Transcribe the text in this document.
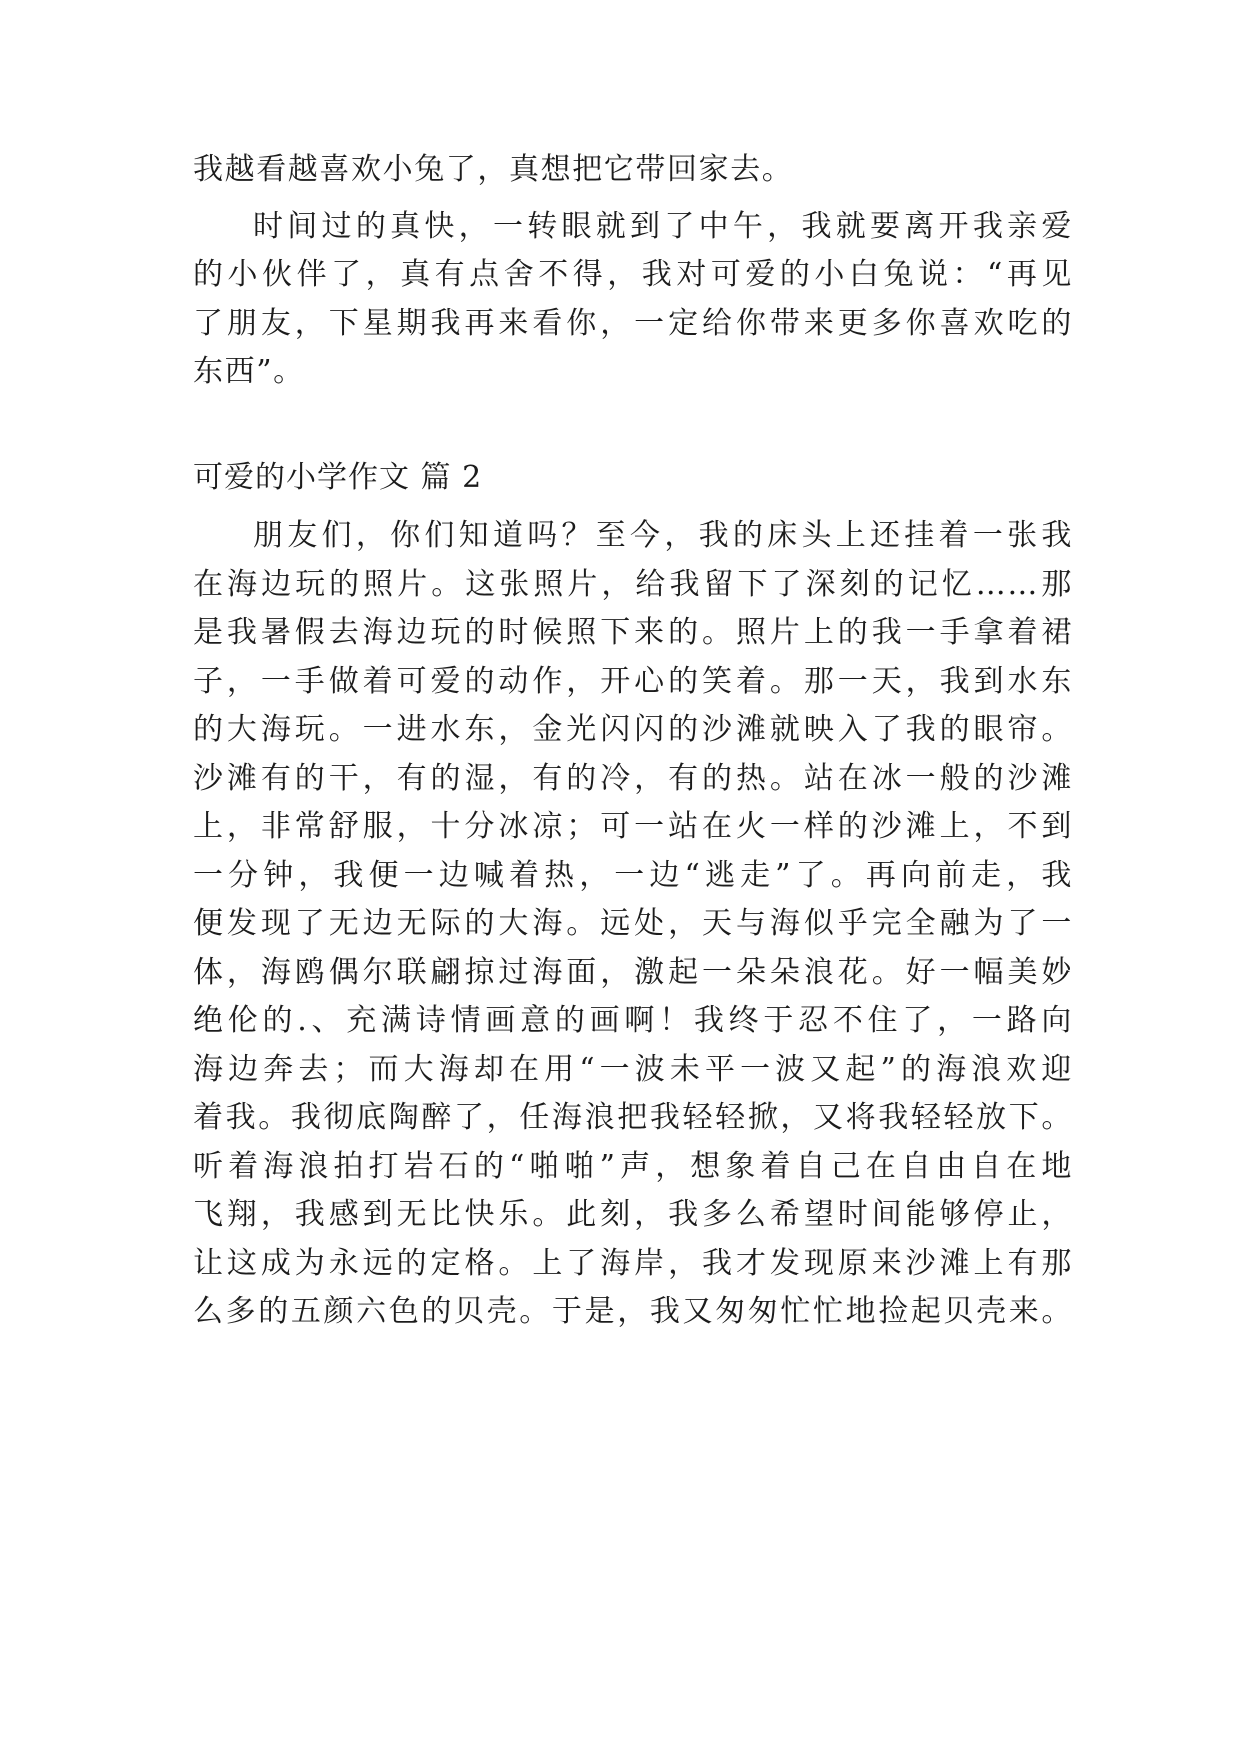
我越看越喜欢小兔了，真想把它带回家去。
时间过的真快，一转眼就到了中午，我就要离开我亲爱
的小伙伴了，真有点舍不得，我对可爱的小白兔说：“再见
了朋友，下星期我再来看你，一定给你带来更多你喜欢吃的
东西”。
可爱的小学作文 篇 2
朋友们，你们知道吗？至今，我的床头上还挂着一张我
在海边玩的照片。这张照片，给我留下了深刻的记忆……那
是我暑假去海边玩的时候照下来的。照片上的我一手拿着裙
子，一手做着可爱的动作，开心的笑着。那一天，我到水东
的大海玩。一进水东，金光闪闪的沙滩就映入了我的眼帘。
沙滩有的干，有的湿，有的冷，有的热。站在冰一般的沙滩
上，非常舒服，十分冰凉；可一站在火一样的沙滩上，不到
一分钟，我便一边喊着热，一边“逃走”了。再向前走，我
便发现了无边无际的大海。远处，天与海似乎完全融为了一
体，海鸥偶尔联翩掠过海面，激起一朵朵浪花。好一幅美妙
绝伦的.、充满诗情画意的画啊！我终于忍不住了，一路向
海边奔去；而大海却在用“一波未平一波又起”的海浪欢迎
着我。我彻底陶醉了，任海浪把我轻轻掀，又将我轻轻放下。
听着海浪拍打岩石的“啪啪”声，想象着自己在自由自在地
飞翔，我感到无比快乐。此刻，我多么希望时间能够停止，
让这成为永远的定格。上了海岸，我才发现原来沙滩上有那
么多的五颜六色的贝壳。于是，我又匆匆忙忙地捡起贝壳来。
